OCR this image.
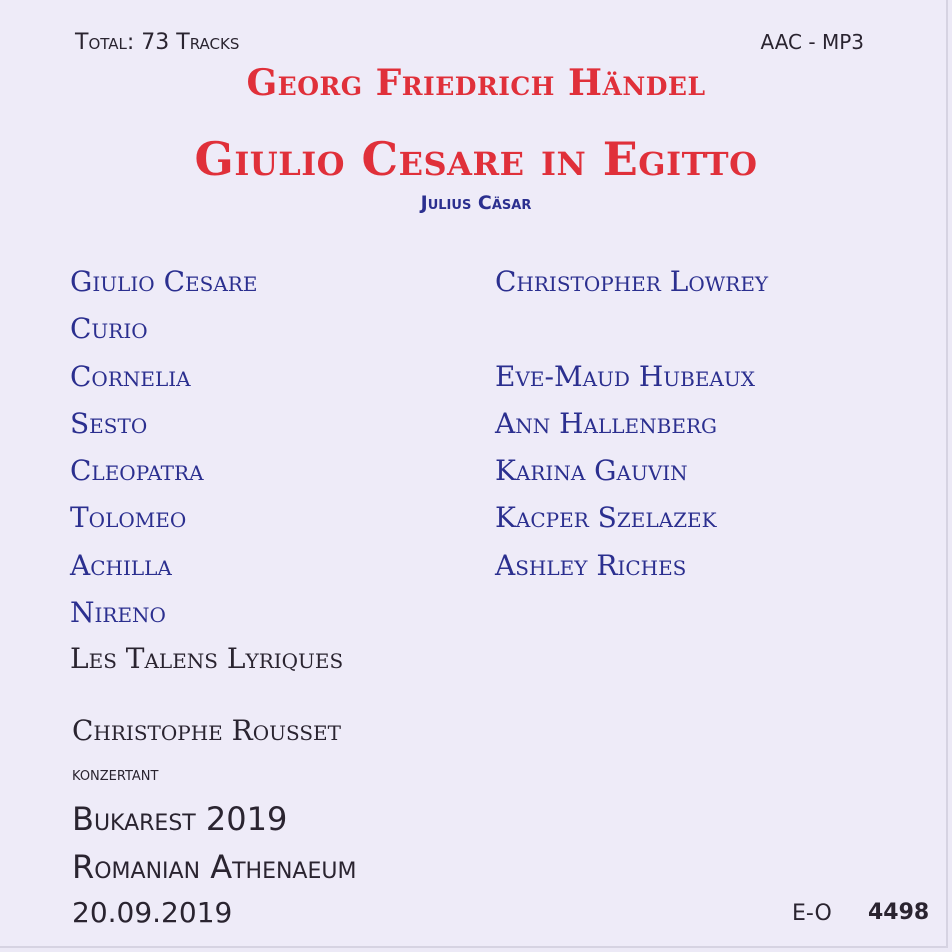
Total: 73 Tracks	AAC - MP3
Georg Friedrich Händel
Giulio Cesare in Egitto
Julius Cäsar
Giulio Cesare	Christopher Lowrey
Curio
Cornelia	Eve-Maud Hubeaux
Sesto	Ann Hallenberg
Cleopatra	Karina Gauvin
Tolomeo	Kacper Szelazek
Achilla	Ashley Riches
Nireno
Les Talens Lyriques
Christophe Rousset
konzertant
Bukarest 2019
Romanian Athenaeum
20.09.2019	E-O 4498
